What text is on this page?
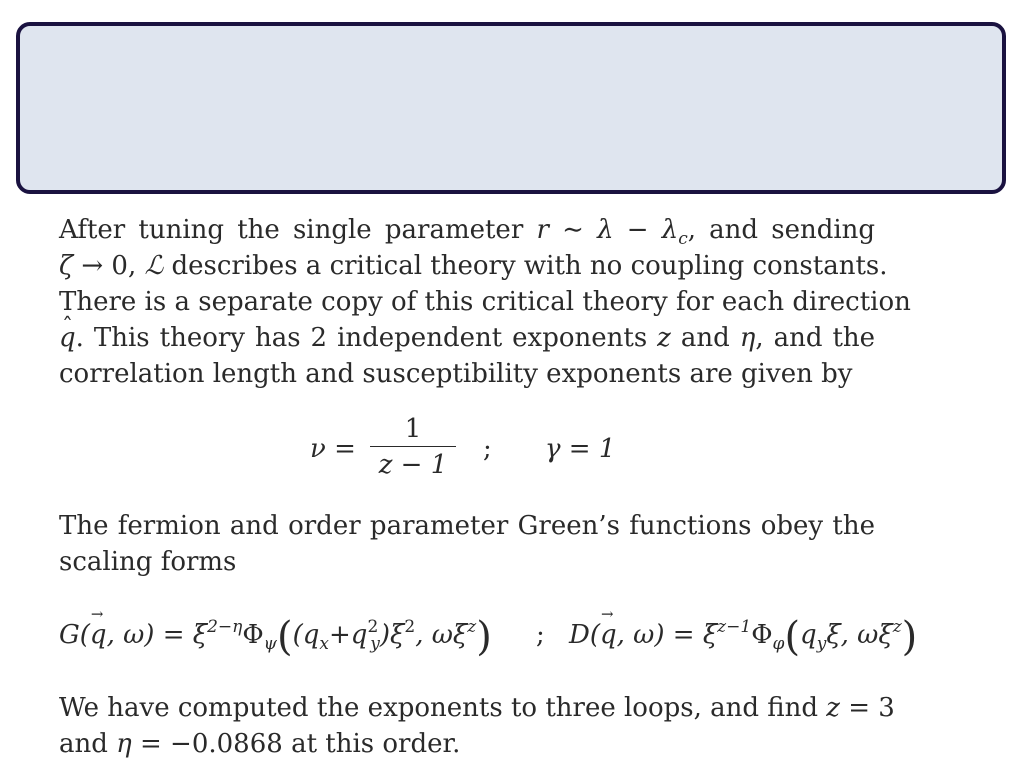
After tuning the single parameter r ∼ $\lambda - \lambda_c$, and sending
ζ → 0, ℒ describes a critical theory with no coupling constants.
There is a separate copy of this critical theory for each direction
ˆ q. This theory has 2 independent exponents z and η, and the
correlation length and susceptibility exponents are given by
ν =
1
z − 1
; γ = 1
The fermion and order parameter Green’s functions obey the
scaling forms
G(→ q, $\omega) = \xi^{2-\eta}\Phi_\psi((q_x+q^2_y)\xi^2$, $\omega\xi^z$) ; D(→ q, $\omega) = \xi^{z-1}\Phi_\varphi(q_y\xi$, $\omega\xi^z$)
We have computed the exponents to three loops, and find z = 3
and η = −0.0868 at this order.
